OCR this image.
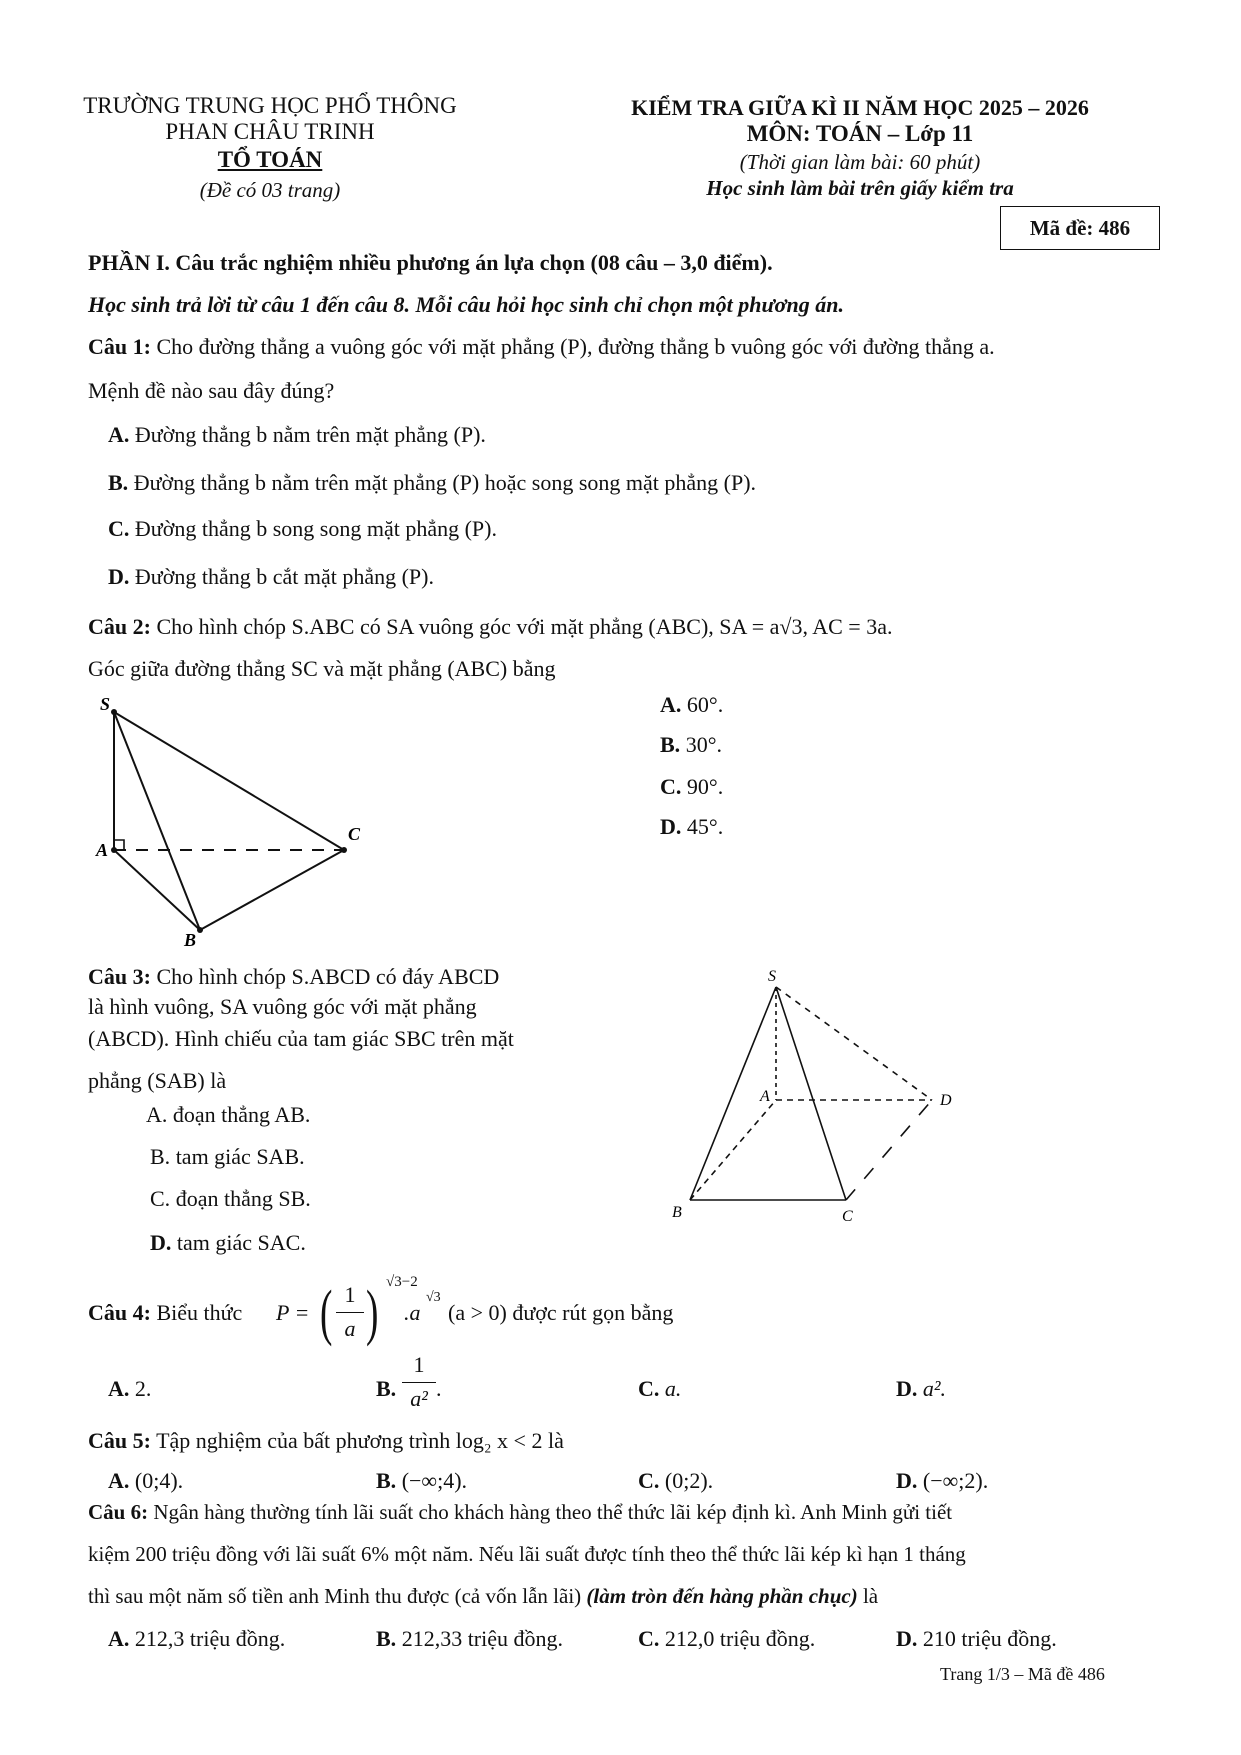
TRƯỜNG TRUNG HỌC PHỔ THÔNG
PHAN CHÂU TRINH
TỔ TOÁN
(Đề có 03 trang)
KIỂM TRA GIỮA KÌ II NĂM HỌC 2025 – 2026
MÔN: TOÁN – Lớp 11
(Thời gian làm bài: 60 phút)
Học sinh làm bài trên giấy kiểm tra
Mã đề: 486
PHẦN I. Câu trắc nghiệm nhiều phương án lựa chọn (08 câu – 3,0 điểm).
Học sinh trả lời từ câu 1 đến câu 8. Mỗi câu hỏi học sinh chỉ chọn một phương án.
Câu 1: Cho đường thẳng a vuông góc với mặt phẳng (P), đường thẳng b vuông góc với đường thẳng a.
Mệnh đề nào sau đây đúng?
A. Đường thẳng b nằm trên mặt phẳng (P).
B. Đường thẳng b nằm trên mặt phẳng (P) hoặc song song mặt phẳng (P).
C. Đường thẳng b song song mặt phẳng (P).
D. Đường thẳng b cắt mặt phẳng (P).
Câu 2: Cho hình chóp S.ABC có SA vuông góc với mặt phẳng (ABC), SA = a√3, AC = 3a.
Góc giữa đường thẳng SC và mặt phẳng (ABC) bằng
A. 60°.
B. 30°.
C. 90°.
D. 45°.
S
A
B
C
Câu 3: Cho hình chóp S.ABCD có đáy ABCD
là hình vuông, SA vuông góc với mặt phẳng
(ABCD). Hình chiếu của tam giác SBC trên mặt
phẳng (SAB) là
A. đoạn thẳng AB.
B. tam giác SAB.
C. đoạn thẳng SB.
D. tam giác SAC.
S
A
B	C
D
Câu 4: Biểu thức P = ( 1
a ) √3−2
.a
√3
(a > 0) được rút gọn bằng
A. 2.	B.
1
a² .	C. a.	D. a².
Câu 5: Tập nghiệm của bất phương trình log₂ x < 2 là
A. (0;4).	B. (−∞;4).	C. (0;2).	D. (−∞;2).
Câu 6: Ngân hàng thường tính lãi suất cho khách hàng theo thể thức lãi kép định kì. Anh Minh gửi tiết
kiệm 200 triệu đồng với lãi suất 6% một năm. Nếu lãi suất được tính theo thể thức lãi kép kì hạn 1 tháng
thì sau một năm số tiền anh Minh thu được (cả vốn lẫn lãi) (làm tròn đến hàng phần chục) là
A. 212,3 triệu đồng.	B. 212,33 triệu đồng.	C. 212,0 triệu đồng.	D. 210 triệu đồng.
Trang 1/3 – Mã đề 486
